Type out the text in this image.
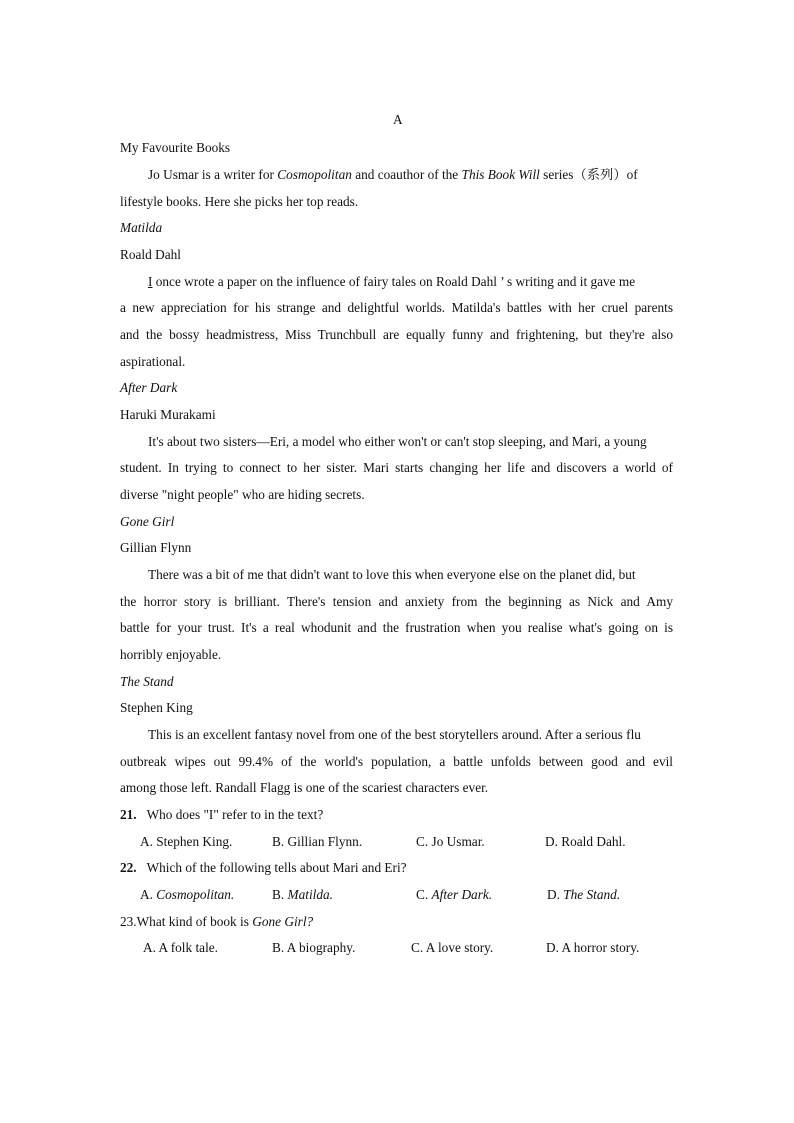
A
My Favourite Books
Jo Usmar is a writer for Cosmopolitan and coauthor of the This Book Will series（系列）of
lifestyle books. Here she picks her top reads.
Matilda
Roald Dahl
I once wrote a paper on the influence of fairy tales on Roald Dahl ’ s writing and it gave me
a new appreciation for his strange and delightful worlds. Matilda's battles with her cruel parents
and the bossy headmistress, Miss Trunchbull are equally funny and frightening, but they're also
aspirational.
After Dark
Haruki Murakami
It's about two sisters—Eri, a model who either won't or can't stop sleeping, and Mari, a young
student. In trying to connect to her sister. Mari starts changing her life and discovers a world of
diverse "night people" who are hiding secrets.
Gone Girl
Gillian Flynn
There was a bit of me that didn't want to love this when everyone else on the planet did, but
the horror story is brilliant. There's tension and anxiety from the beginning as Nick and Amy
battle for your trust. It's a real whodunit and the frustration when you realise what's going on is
horribly enjoyable.
The Stand
Stephen King
This is an excellent fantasy novel from one of the best storytellers around. After a serious flu
outbreak wipes out 99.4% of the world's population, a battle unfolds between good and evil
among those left. Randall Flagg is one of the scariest characters ever.
21. Who does "I" refer to in the text?
A. Stephen King.	B. Gillian Flynn.	C. Jo Usmar.	D. Roald Dahl.
22. Which of the following tells about Mari and Eri?
A. Cosmopolitan.	B. Matilda.	C. After Dark.	D. The Stand.
23.What kind of book is Gone Girl?
A. A folk tale.	B. A biography.	C. A love story.	D. A horror story.
